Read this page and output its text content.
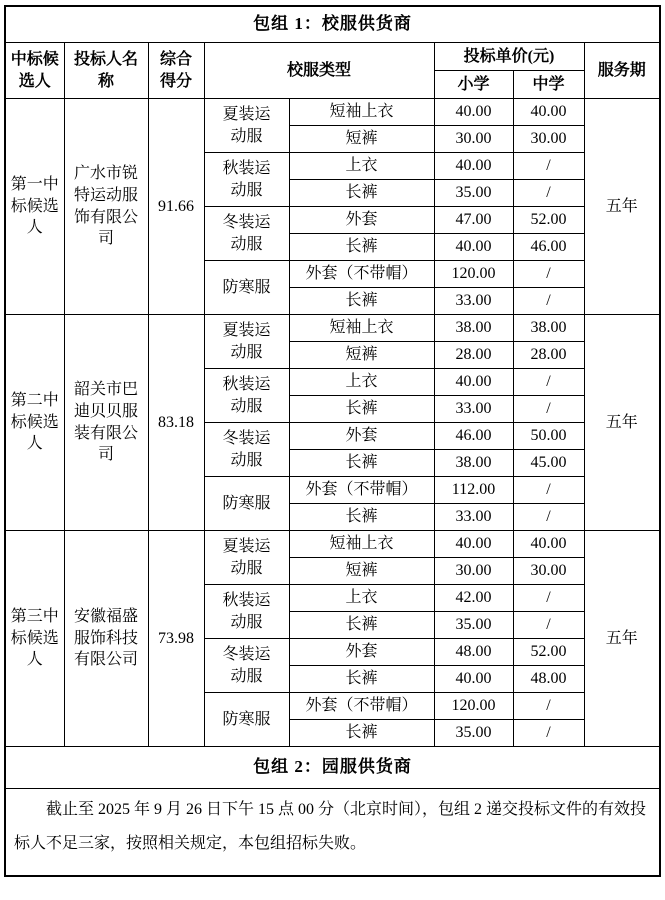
包组 1：校服供货商							
中标候选人	投标人名称	综合得分	校服类型		投标单价(元)		服务期
					小学	中学	
第一中标候选人	广水市锐特运动服饰有限公司	91.66	夏装运动服	短袖上衣	40.00	40.00	五年
				短裤	30.00	30.00	
			秋装运动服	上衣	40.00	/	
				长裤	35.00	/	
			冬装运动服	外套	47.00	52.00	
				长裤	40.00	46.00	
			防寒服	外套（不带帽）	120.00	/	
				长裤	33.00	/	
第二中标候选人	韶关市巴迪贝贝服装有限公司	83.18	夏装运动服	短袖上衣	38.00	38.00	五年
				短裤	28.00	28.00	
			秋装运动服	上衣	40.00	/	
				长裤	33.00	/	
			冬装运动服	外套	46.00	50.00	
				长裤	38.00	45.00	
			防寒服	外套（不带帽）	112.00	/	
				长裤	33.00	/	
第三中标候选人	安徽福盛服饰科技有限公司	73.98	夏装运动服	短袖上衣	40.00	40.00	五年
				短裤	30.00	30.00	
			秋装运动服	上衣	42.00	/	
				长裤	35.00	/	
			冬装运动服	外套	48.00	52.00	
				长裤	40.00	48.00	
			防寒服	外套（不带帽）	120.00	/	
				长裤	35.00	/	
包组 2：园服供货商							
截止至 2025 年 9 月 26 日下午 15 点 00 分（北京时间），包组 2 递交投标文件的有效投标人不足三家，按照相关规定，本包组招标失败。							
